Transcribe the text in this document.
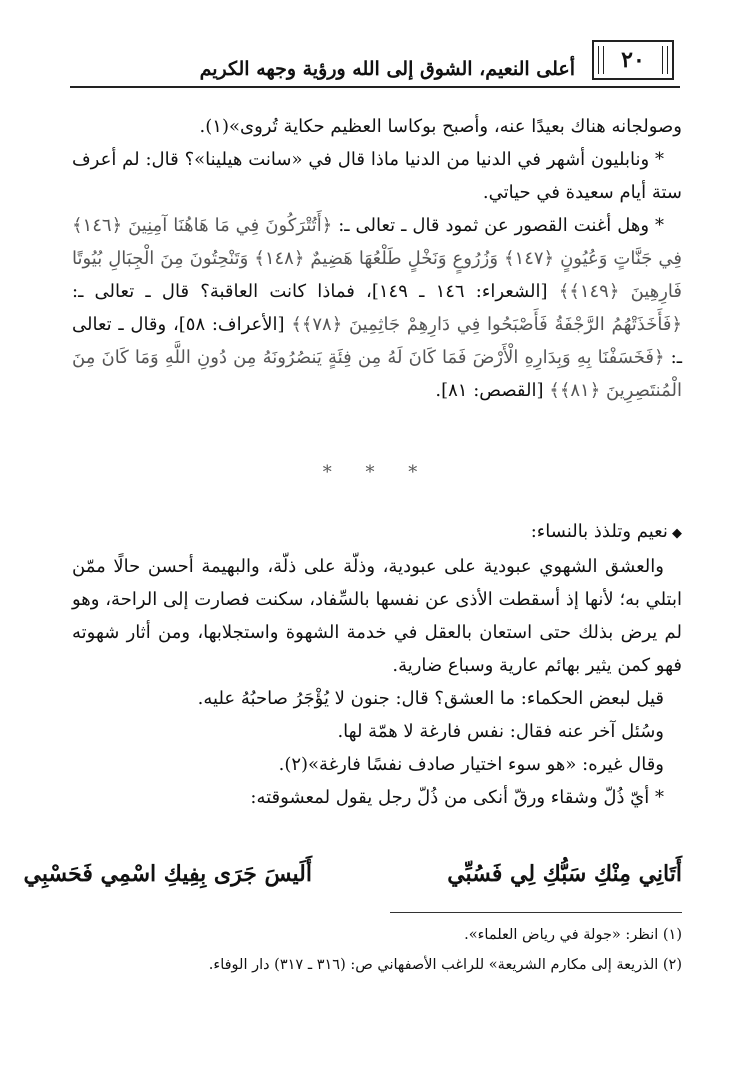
٢٠
أعلى النعيم، الشوق إلى الله ورؤية وجهه الكريم

وصولجانه هناك بعيدًا عنه، وأصبح بوكاسا العظيم حكاية تُروى»(١).

* ونابليون أشهر في الدنيا من الدنيا ماذا قال في «سانت هيلينا»؟ قال: لم أعرف ستة أيام سعيدة في حياتي.

* وهل أغنت القصور عن ثمود قال ـ تعالى ـ: ﴿أَتُتْرَكُونَ فِي مَا هَاهُنَا آمِنِينَ ﴿١٤٦﴾ فِي جَنَّاتٍ وَعُيُونٍ ﴿١٤٧﴾ وَزُرُوعٍ وَنَخْلٍ طَلْعُهَا هَضِيمٌ ﴿١٤٨﴾ وَتَنْحِتُونَ مِنَ الْجِبَالِ بُيُوتًا فَارِهِينَ ﴿١٤٩﴾﴾ [الشعراء: ١٤٦ ـ ١٤٩]، فماذا كانت العاقبة؟ قال ـ تعالى ـ: ﴿فَأَخَذَتْهُمُ الرَّجْفَةُ فَأَصْبَحُوا فِي دَارِهِمْ جَاثِمِينَ ﴿٧٨﴾﴾ [الأعراف: ٥٨]، وقال ـ تعالى ـ: ﴿فَخَسَفْنَا بِهِ وَبِدَارِهِ الْأَرْضَ فَمَا كَانَ لَهُ مِن فِئَةٍ يَنصُرُونَهُ مِن دُونِ اللَّهِ وَمَا كَانَ مِنَ الْمُنتَصِرِينَ ﴿٨١﴾﴾ [القصص: ٨١].

* * *

◆ نعيم وتلذذ بالنساء:

والعشق الشهوي عبودية على عبودية، وذلّة على ذلّة، والبهيمة أحسن حالًا ممّن ابتلي به؛ لأنها إذ أسقطت الأذى عن نفسها بالسِّفاد، سكنت فصارت إلى الراحة، وهو لم يرض بذلك حتى استعان بالعقل في خدمة الشهوة واستجلابها، ومن أثار شهوته فهو كمن يثير بهائم عارية وسباع ضارية.

قيل لبعض الحكماء: ما العشق؟ قال: جنون لا يُؤْجَرُ صاحبُهُ عليه.

وسُئل آخر عنه فقال: نفس فارغة لا همّة لها.

وقال غيره: «هو سوء اختيار صادف نفسًا فارغة»(٢).

* أيّ ذُلّ وشقاء ورقّ أنكى من ذُلّ رجل يقول لمعشوقته:

أَتَانِي مِنْكِ سَبُّكِ لِي فَسُبِّي
أَلَيسَ جَرَى بِفِيكِ اسْمِي فَحَسْبِي

(١) انظر: «جولة في رياض العلماء».

(٢) الذريعة إلى مكارم الشريعة» للراغب الأصفهاني ص: (٣١٦ ـ ٣١٧) دار الوفاء.
